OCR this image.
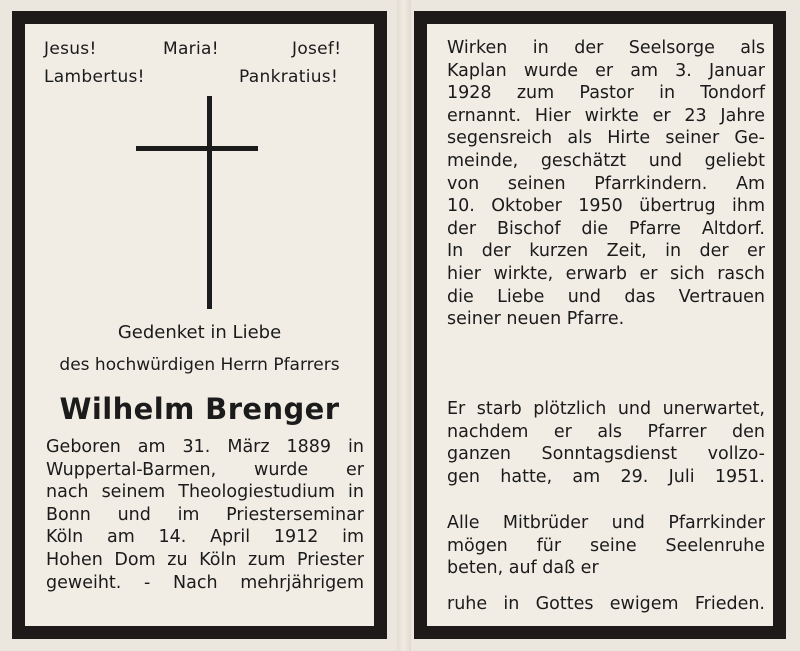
Jesus!	Maria!	Josef!
Lambertus!	Pankratius!
Gedenket in Liebe
des hochwürdigen Herrn Pfarrers
Wilhelm Brenger
Geboren am 31. März 1889 in
Wuppertal-Barmen, wurde er
nach seinem Theologiestudium in
Bonn und im Priesterseminar
Köln am 14. April 1912 im
Hohen Dom zu Köln zum Priester
geweiht. - Nach mehrjährigem
Wirken in der Seelsorge als
Kaplan wurde er am 3. Januar
1928 zum Pastor in Tondorf
ernannt. Hier wirkte er 23 Jahre
segensreich als Hirte seiner Ge-
meinde, geschätzt und geliebt
von seinen Pfarrkindern. Am
10. Oktober 1950 übertrug ihm
der Bischof die Pfarre Altdorf.
In der kurzen Zeit, in der er
hier wirkte, erwarb er sich rasch
die Liebe und das Vertrauen
seiner neuen Pfarre.
Er starb plötzlich und unerwartet,
nachdem er als Pfarrer den
ganzen Sonntagsdienst vollzo-
gen hatte, am 29. Juli 1951.
Alle Mitbrüder und Pfarrkinder
mögen für seine Seelenruhe
beten, auf daß er
ruhe in Gottes ewigem Frieden.
